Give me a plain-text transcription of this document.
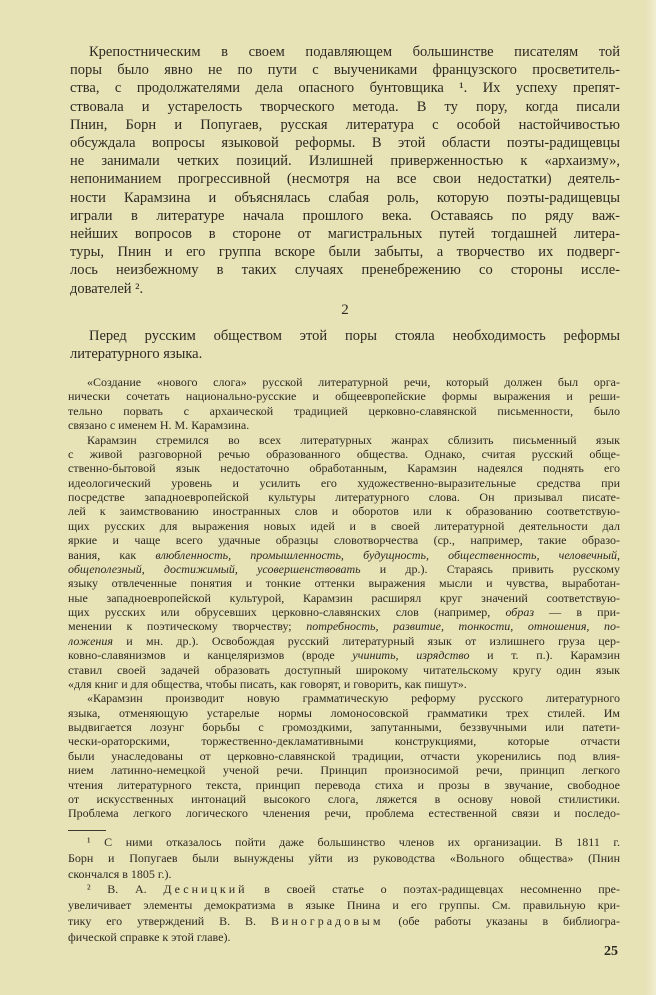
Крепостническим в своем подавляющем большинстве писателям той
поры было явно не по пути с выучениками французского просветитель-
ства, с продолжателями дела опасного бунтовщика ¹. Их успеху препят-
ствовала и устарелость творческого метода. В ту пору, когда писали
Пнин, Борн и Попугаев, русская литература с особой настойчивостью
обсуждала вопросы языковой реформы. В этой области поэты-радищевцы
не занимали четких позиций. Излишней приверженностью к «архаизму»,
непониманием прогрессивной (несмотря на все свои недостатки) деятель-
ности Карамзина и объяснялась слабая роль, которую поэты-радищевцы
играли в литературе начала прошлого века. Оставаясь по ряду важ-
нейших вопросов в стороне от магистральных путей тогдашней литера-
туры, Пнин и его группа вскоре были забыты, а творчество их подверг-
лось неизбежному в таких случаях пренебрежению со стороны иссле-
дователей ².
2
Перед русским обществом этой поры стояла необходимость реформы
литературного языка.
«Создание «нового слога» русской литературной речи, который должен был орга-
нически сочетать национально-русские и общеевропейские формы выражения и реши-
тельно порвать с архаической традицией церковно-славянской письменности, было
связано с именем Н. М. Карамзина.
Карамзин стремился во всех литературных жанрах сблизить письменный язык
с живой разговорной речью образованного общества. Однако, считая русский обще-
ственно-бытовой язык недостаточно обработанным, Карамзин надеялся поднять его
идеологический уровень и усилить его художественно-выразительные средства при
посредстве западноевропейской культуры литературного слова. Он призывал писате-
лей к заимствованию иностранных слов и оборотов или к образованию соответствую-
щих русских для выражения новых идей и в своей литературной деятельности дал
яркие и чаще всего удачные образцы словотворчества (ср., например, такие образо-
вания, как влюбленность, промышленность, будущность, общественность, человечный,
общеполезный, достижимый, усовершенствовать и др.). Стараясь привить русскому
языку отвлеченные понятия и тонкие оттенки выражения мысли и чувства, выработан-
ные западноевропейской культурой, Карамзин расширял круг значений соответствую-
щих русских или обрусевших церковно-славянских слов (например, образ — в при-
менении к поэтическому творчеству; потребность, развитие, тонкости, отношения, по-
ложения и мн. др.). Освобождая русский литературный язык от излишнего груза цер-
ковно-славянизмов и канцеляризмов (вроде учинить, изрядство и т. п.). Карамзин
ставил своей задачей образовать доступный широкому читательскому кругу один язык
«для книг и для общества, чтобы писать, как говорят, и говорить, как пишут».
«Карамзин производит новую грамматическую реформу русского литературного
языка, отменяющую устарелые нормы ломоносовской грамматики трех стилей. Им
выдвигается лозунг борьбы с громоздкими, запутанными, беззвучными или патети-
чески-ораторскими, торжественно-декламативными конструкциями, которые отчасти
были унаследованы от церковно-славянской традиции, отчасти укоренились под влия-
нием латинно-немецкой ученой речи. Принцип произносимой речи, принцип легкого
чтения литературного текста, принцип перевода стиха и прозы в звучание, свободное
от искусственных интонаций высокого слога, ляжется в основу новой стилистики.
Проблема легкого логического членения речи, проблема естественной связи и последо-
¹ С ними отказалось пойти даже большинство членов их организации. В 1811 г.
Борн и Попугаев были вынуждены уйти из руководства «Вольного общества» (Пнин
скончался в 1805 г.).
² В. А. Десницкий в своей статье о поэтах-радищевцах несомненно пре-
увеличивает элементы демократизма в языке Пнина и его группы. См. правильную кри-
тику его утверждений В. В. Виноградовым (обе работы указаны в библиогра-
фической справке к этой главе).
25
